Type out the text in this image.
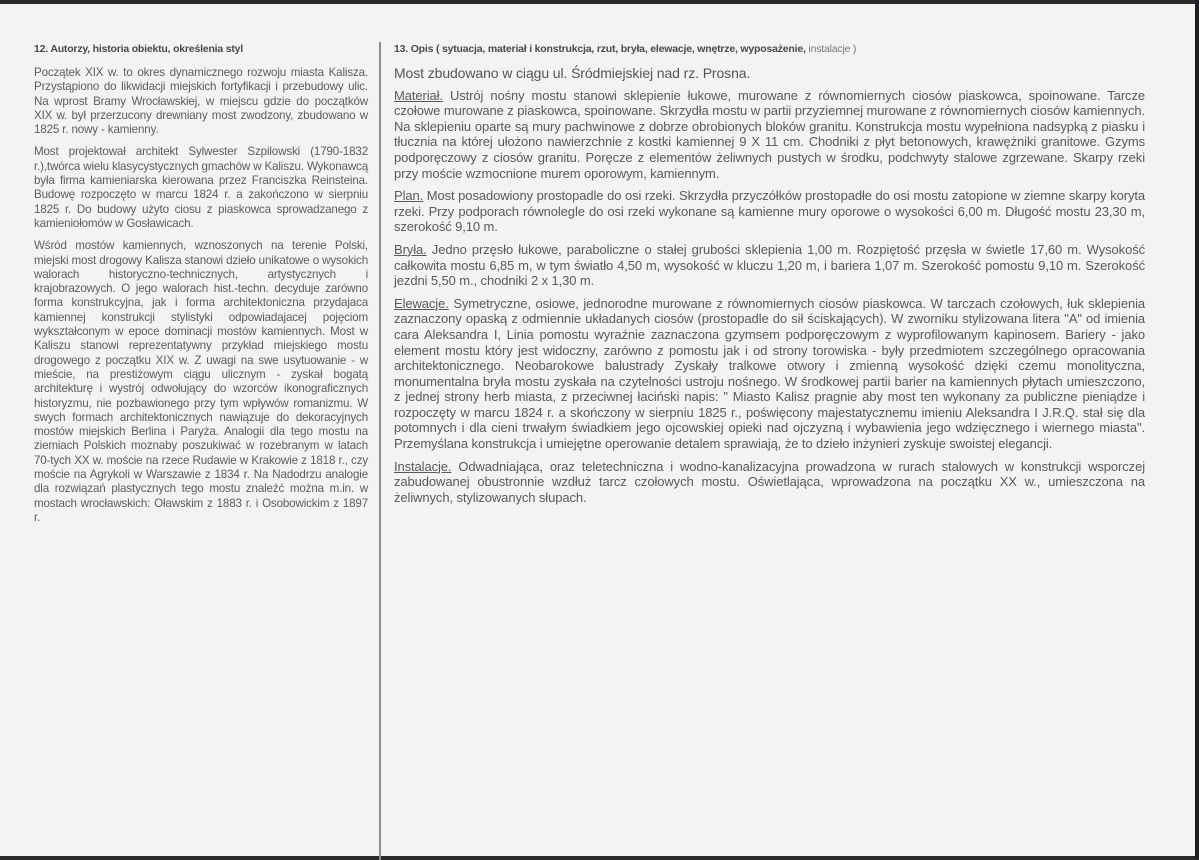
12. Autorzy, historia obiektu, określenia styl

Początek XIX w. to okres dynamicznego rozwoju miasta Kalisza. Przystąpiono do likwidacji miejskich fortyfikacji i przebudowy ulic. Na wprost Bramy Wrocławskiej, w miejscu gdzie do początków XIX w. był przerzucony drewniany most zwodzony, zbudowano w 1825 r. nowy - kamienny.

Most projektował architekt Sylwester Szpilowski (1790-1832 r.),twórca wielu klasycystycznych gmachów w Kaliszu. Wykonawcą była firma kamieniarska kierowana przez Franciszka Reinsteina. Budowę rozpoczęto w marcu 1824 r. a zakończono w sierpniu 1825 r. Do budowy użyto ciosu z piaskowca sprowadzanego z kamieniołomów w Gosławicach.

Wśród mostów kamiennych, wznoszonych na terenie Polski, miejski most drogowy Kalisza stanowi dzieło unikatowe o wysokich walorach historyczno-technicznych, artystycznych i krajobrazowych. O jego walorach hist.-techn. decyduje zarówno forma konstrukcyjna, jak i forma architektoniczna przydajaca kamiennej konstrukcji stylistyki odpowiadajacej pojęciom wykształconym w epoce dominacji mostów kamiennych. Most w Kaliszu stanowi reprezentatywny przykład miejskiego mostu drogowego z początku XIX w. Z uwagi na swe usytuowanie - w mieście, na prestiżowym ciągu ulicznym - zyskał bogatą architekturę i wystrój odwołujący do wzorców ikonograficznych historyzmu, nie pozbawionego przy tym wpływów romanizmu. W swych formach architektonicznych nawiązuje do dekoracyjnych mostów miejskich Berlina i Paryża. Analogii dla tego mostu na ziemiach Polskich moznaby poszukiwać w rozebranym w latach 70-tych XX w. moście na rzece Rudawie w Krakowie z 1818 r., czy moście na Agrykoli w Warszawie z 1834 r. Na Nadodrzu analogie dla rozwiązań plastycznych tego mostu znaleźć można m.in. w mostach wrocławskich: Oławskim z 1883 r. i Osobowickim z 1897 r.

13. Opis ( sytuacja, materiał i konstrukcja, rzut, bryła, elewacje, wnętrze, wyposażenie, instalacje )

Most zbudowano w ciągu ul. Śródmiejskiej nad rz. Prosna.

Materiał. Ustrój nośny mostu stanowi sklepienie łukowe, murowane z równomiernych ciosów piaskowca, spoinowane. Tarcze czołowe murowane z piaskowca, spoinowane. Skrzydła mostu w partii przyziemnej murowane z równomiernych ciosów kamiennych. Na sklepieniu oparte są mury pachwinowe z dobrze obrobionych bloków granitu. Konstrukcja mostu wypełniona nadsypką z piasku i tłucznia na której ułożono nawierzchnie z kostki kamiennej 9 X 11 cm. Chodniki z płyt betonowych, krawężniki granitowe. Gzyms podporęczowy z ciosów granitu. Poręcze z elementów żeliwnych pustych w środku, podchwyty stalowe zgrzewane. Skarpy rzeki przy moście wzmocnione murem oporowym, kamiennym.

Plan. Most posadowiony prostopadle do osi rzeki. Skrzydła przyczółków prostopadłe do osi mostu zatopione w ziemne skarpy koryta rzeki. Przy podporach równolegle do osi rzeki wykonane są kamienne mury oporowe o wysokości 6,00 m. Długość mostu 23,30 m, szerokość 9,10 m.

Bryła. Jedno przęsło łukowe, paraboliczne o stałej grubości sklepienia 1,00 m. Rozpiętość przęsła w świetle 17,60 m. Wysokość całkowita mostu 6,85 m, w tym światło 4,50 m, wysokość w kluczu 1,20 m, i bariera 1,07 m. Szerokość pomostu 9,10 m. Szerokość jezdni 5,50 m., chodniki 2 x 1,30 m.

Elewacje. Symetryczne, osiowe, jednorodne murowane z równomiernych ciosów piaskowca. W tarczach czołowych, łuk sklepienia zaznaczony opaską z odmiennie układanych ciosów (prostopadle do sił ściskających). W zworniku stylizowana litera "A" od imienia cara Aleksandra I, Linia pomostu wyraźnie zaznaczona gzymsem podporęczowym z wyprofilowanym kapinosem. Bariery - jako element mostu który jest widoczny, zarówno z pomostu jak i od strony torowiska - były przedmiotem szczególnego opracowania architektonicznego. Neobarokowe balustrady Zyskały tralkowe otwory i zmienną wysokość dzięki czemu monolityczna, monumentalna bryła mostu zyskała na czytelności ustroju nośnego. W środkowej partii barier na kamiennych płytach umieszczono, z jednej strony herb miasta, z przeciwnej łaciński napis: " Miasto Kalisz pragnie aby most ten wykonany za publiczne pieniądze i rozpoczęty w marcu 1824 r. a skończony w sierpniu 1825 r., poświęcony majestatycznemu imieniu Aleksandra I J.R.Q. stał się dla potomnych i dla cieni trwałym świadkiem jego ojcowskiej opieki nad ojczyzną i wybawienia jego wdzięcznego i wiernego miasta". Przemyślana konstrukcja i umiejętne operowanie detalem sprawiają, że to dzieło inżynieri zyskuje swoistej elegancji.

Instalacje. Odwadniająca, oraz teletechniczna i wodno-kanalizacyjna prowadzona w rurach stalowych w konstrukcji wsporczej zabudowanej obustronnie wzdłuż tarcz czołowych mostu. Oświetlająca, wprowadzona na początku XX w., umieszczona na żeliwnych, stylizowanych słupach.
